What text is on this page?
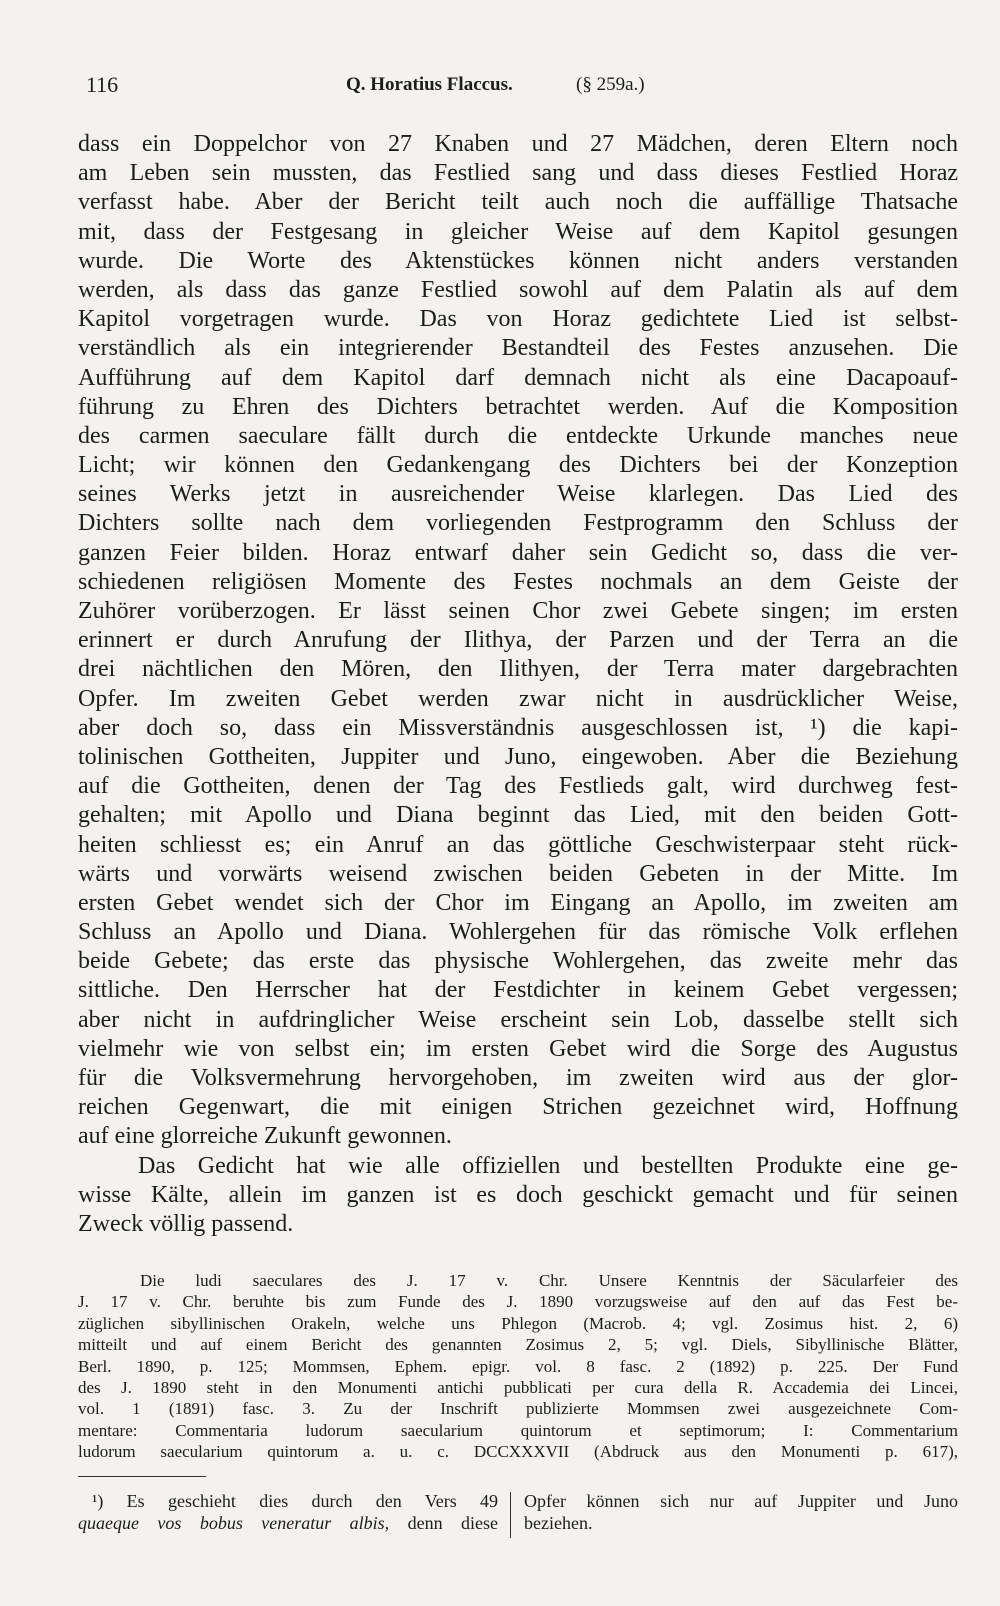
116	Q. Horatius Flaccus.	(§ 259a.)
dass ein Doppelchor von 27 Knaben und 27 Mädchen, deren Eltern noch
am Leben sein mussten, das Festlied sang und dass dieses Festlied Horaz
verfasst habe. Aber der Bericht teilt auch noch die auffällige Thatsache
mit, dass der Festgesang in gleicher Weise auf dem Kapitol gesungen
wurde. Die Worte des Aktenstückes können nicht anders verstanden
werden, als dass das ganze Festlied sowohl auf dem Palatin als auf dem
Kapitol vorgetragen wurde. Das von Horaz gedichtete Lied ist selbst-
verständlich als ein integrierender Bestandteil des Festes anzusehen. Die
Aufführung auf dem Kapitol darf demnach nicht als eine Dacapoauf-
führung zu Ehren des Dichters betrachtet werden. Auf die Komposition
des carmen saeculare fällt durch die entdeckte Urkunde manches neue
Licht; wir können den Gedankengang des Dichters bei der Konzeption
seines Werks jetzt in ausreichender Weise klarlegen. Das Lied des
Dichters sollte nach dem vorliegenden Festprogramm den Schluss der
ganzen Feier bilden. Horaz entwarf daher sein Gedicht so, dass die ver-
schiedenen religiösen Momente des Festes nochmals an dem Geiste der
Zuhörer vorüberzogen. Er lässt seinen Chor zwei Gebete singen; im ersten
erinnert er durch Anrufung der Ilithya, der Parzen und der Terra an die
drei nächtlichen den Mören, den Ilithyen, der Terra mater dargebrachten
Opfer. Im zweiten Gebet werden zwar nicht in ausdrücklicher Weise,
aber doch so, dass ein Missverständnis ausgeschlossen ist, ¹) die kapi-
tolinischen Gottheiten, Juppiter und Juno, eingewoben. Aber die Beziehung
auf die Gottheiten, denen der Tag des Festlieds galt, wird durchweg fest-
gehalten; mit Apollo und Diana beginnt das Lied, mit den beiden Gott-
heiten schliesst es; ein Anruf an das göttliche Geschwisterpaar steht rück-
wärts und vorwärts weisend zwischen beiden Gebeten in der Mitte. Im
ersten Gebet wendet sich der Chor im Eingang an Apollo, im zweiten am
Schluss an Apollo und Diana. Wohlergehen für das römische Volk erflehen
beide Gebete; das erste das physische Wohlergehen, das zweite mehr das
sittliche. Den Herrscher hat der Festdichter in keinem Gebet vergessen;
aber nicht in aufdringlicher Weise erscheint sein Lob, dasselbe stellt sich
vielmehr wie von selbst ein; im ersten Gebet wird die Sorge des Augustus
für die Volksvermehrung hervorgehoben, im zweiten wird aus der glor-
reichen Gegenwart, die mit einigen Strichen gezeichnet wird, Hoffnung
auf eine glorreiche Zukunft gewonnen.
Das Gedicht hat wie alle offiziellen und bestellten Produkte eine ge-
wisse Kälte, allein im ganzen ist es doch geschickt gemacht und für seinen
Zweck völlig passend.
Die ludi saeculares des J. 17 v. Chr. Unsere Kenntnis der Säcularfeier des
J. 17 v. Chr. beruhte bis zum Funde des J. 1890 vorzugsweise auf den auf das Fest be-
züglichen sibyllinischen Orakeln, welche uns Phlegon (Macrob. 4; vgl. Zosimus hist. 2, 6)
mitteilt und auf einem Bericht des genannten Zosimus 2, 5; vgl. Diels, Sibyllinische Blätter,
Berl. 1890, p. 125; Mommsen, Ephem. epigr. vol. 8 fasc. 2 (1892) p. 225. Der Fund
des J. 1890 steht in den Monumenti antichi pubblicati per cura della R. Accademia dei Lincei,
vol. 1 (1891) fasc. 3. Zu der Inschrift publizierte Mommsen zwei ausgezeichnete Com-
mentare: Commentaria ludorum saecularium quintorum et septimorum; I: Commentarium
ludorum saecularium quintorum a. u. c. DCCXXXVII (Abdruck aus den Monumenti p. 617),
¹) Es geschieht dies durch den Vers 49
quaeque vos bobus veneratur albis, denn diese
Opfer können sich nur auf Juppiter und Juno
beziehen.
